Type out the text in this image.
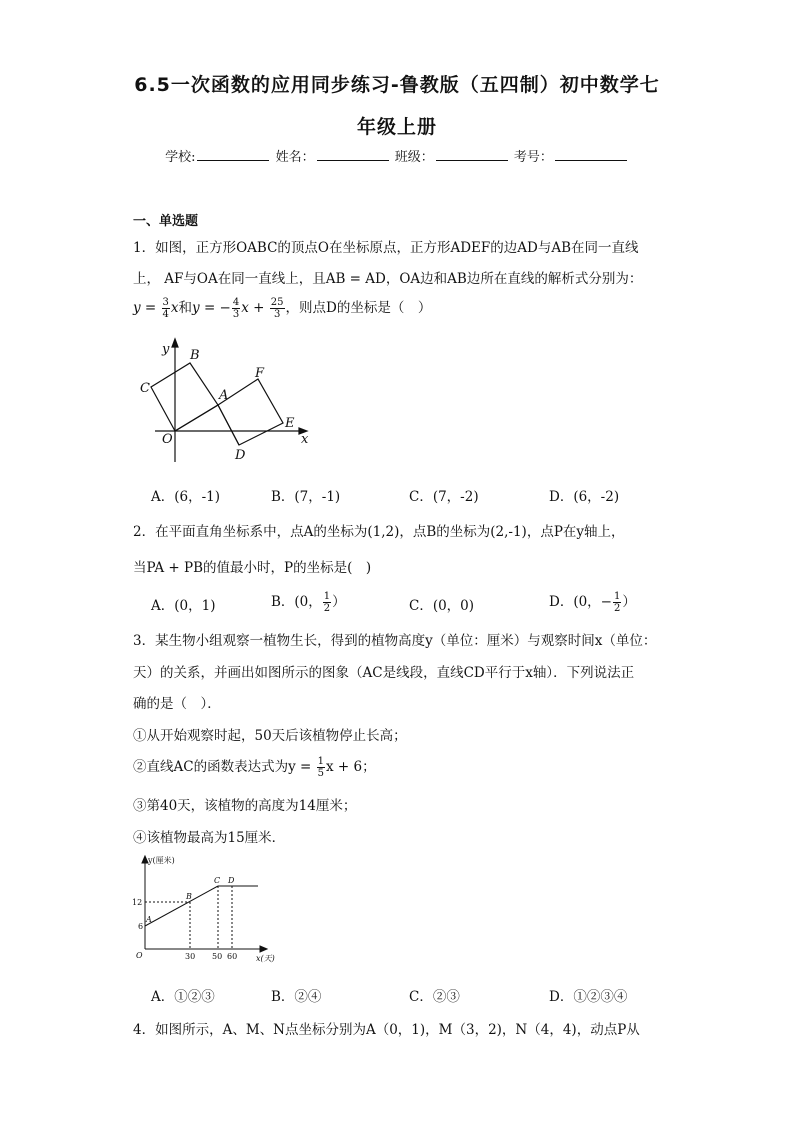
6.5一次函数的应用同步练习-鲁教版（五四制）初中数学七
年级上册
学校:	姓名：	班级：	考号：
一、单选题
1．如图，正方形OABC的顶点O在坐标原点，正方形ADEF的边AD与AB在同一直线
上， AF与OA在同一直线上，且AB = AD，OA边和AB边所在直线的解析式分别为：
$y = \frac{3}{4}$ x和y = − $\frac{4}{3}$ $x + \frac{25}{3}$ ，则点D的坐标是（　）
y B
F
C	A
E
O	x
D
A．(6，-1)	B．(7，-1)	C．(7，-2)	D．(6，-2)
2．在平面直角坐标系中，点A的坐标为(1,2)，点B的坐标为(2,-1)，点P在y轴上，
当PA + PB的值最小时，P的坐标是(　)
A．(0，1)	B．(0， $\frac{1}{2}$ ）	C．(0，0)	D．(0，− $\frac{1}{2}$ ）
3．某生物小组观察一植物生长，得到的植物高度y（单位：厘米）与观察时间x（单位：
天）的关系，并画出如图所示的图象（AC是线段，直线CD平行于x轴）．下列说法正
确的是（　）．
①从开始观察时起，50天后该植物停止长高；
②直线AC的函数表达式为$y = \frac{1}{5}$ x + 6；
③第40天，该植物的高度为14厘米；
④该植物最高为15厘米．
y(厘米)
x(天)
12
6
O	30 50 60
A
B
C D
A．①②③	B．②④	C．②③	D．①②③④
4．如图所示，A、M、N点坐标分别为A（0，1)，M（3，2)，N（4，4)，动点P从
